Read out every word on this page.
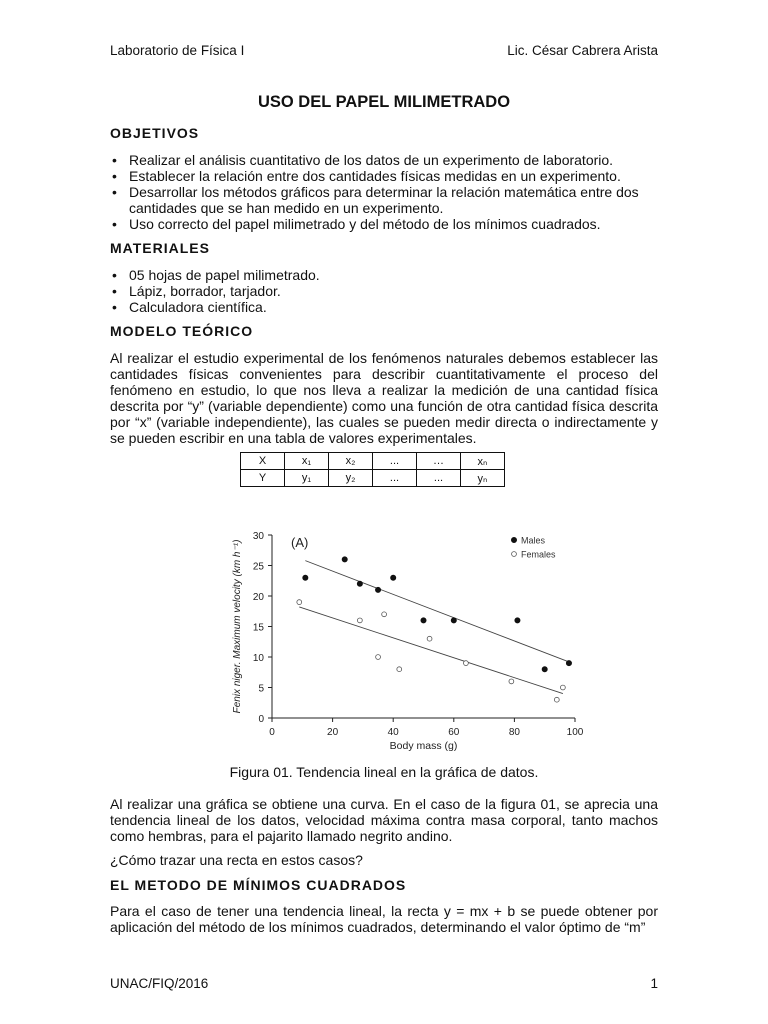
Laboratorio de Física I	Lic. César Cabrera Arista
USO DEL PAPEL MILIMETRADO
OBJETIVOS
• Realizar el análisis cuantitativo de los datos de un experimento de laboratorio.
• Establecer la relación entre dos cantidades físicas medidas en un experimento.
• Desarrollar los métodos gráficos para determinar la relación matemática entre dos cantidades que se han medido en un experimento.
• Uso correcto del papel milimetrado y del método de los mínimos cuadrados.
MATERIALES
• 05 hojas de papel milimetrado.
• Lápiz, borrador, tarjador.
• Calculadora científica.
MODELO TEÓRICO

Al realizar el estudio experimental de los fenómenos naturales debemos establecer las cantidades físicas convenientes para describir cuantitativamente el proceso del fenómeno en estudio, lo que nos lleva a realizar la medición de una cantidad física descrita por “y” (variable dependiente) como una función de otra cantidad física descrita por “x” (variable independiente), las cuales se pueden medir directa o indirectamente y se pueden escribir en una tabla de valores experimentales.

X	x₁	x₂	...	…	xₙ
Y	y₁	y₂	...	...	yₙ
0
5
10
15
20
25
30
0	20	40	60	80	100
Body mass (g)
Fenix niger. Maximum velocity (km h⁻¹)	(A)	Males
Females
Figura 01. Tendencia lineal en la gráfica de datos.

Al realizar una gráfica se obtiene una curva. En el caso de la figura 01, se aprecia una tendencia lineal de los datos, velocidad máxima contra masa corporal, tanto machos como hembras, para el pajarito llamado negrito andino.

¿Cómo trazar una recta en estos casos?

EL METODO DE MÍNIMOS CUADRADOS

Para el caso de tener una tendencia lineal, la recta y = mx + b se puede obtener por aplicación del método de los mínimos cuadrados, determinando el valor óptimo de “m”

UNAC/FIQ/2016	1
